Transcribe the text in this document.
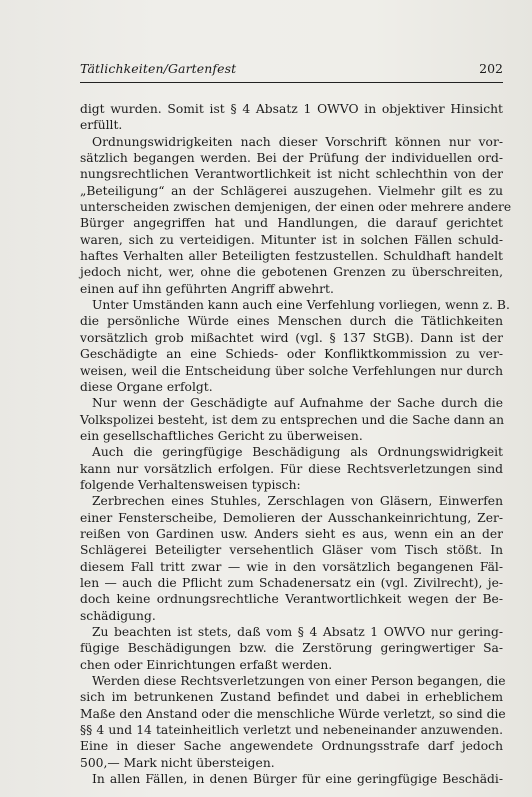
Tätlichkeiten/Gartenfest	202
digt wurden. Somit ist § 4 Absatz 1 OWVO in objektiver Hinsicht
erfüllt.
Ordnungswidrigkeiten nach dieser Vorschrift können nur vor-
sätzlich begangen werden. Bei der Prüfung der individuellen ord-
nungsrechtlichen Verantwortlichkeit ist nicht schlechthin von der
„Beteiligung“ an der Schlägerei auszugehen. Vielmehr gilt es zu
unterscheiden zwischen demjenigen, der einen oder mehrere andere
Bürger angegriffen hat und Handlungen, die darauf gerichtet
waren, sich zu verteidigen. Mitunter ist in solchen Fällen schuld-
haftes Verhalten aller Beteiligten festzustellen. Schuldhaft handelt
jedoch nicht, wer, ohne die gebotenen Grenzen zu überschreiten,
einen auf ihn geführten Angriff abwehrt.
Unter Umständen kann auch eine Verfehlung vorliegen, wenn z. B.
die persönliche Würde eines Menschen durch die Tätlichkeiten
vorsätzlich grob mißachtet wird (vgl. § 137 StGB). Dann ist der
Geschädigte an eine Schieds- oder Konfliktkommission zu ver-
weisen, weil die Entscheidung über solche Verfehlungen nur durch
diese Organe erfolgt.
Nur wenn der Geschädigte auf Aufnahme der Sache durch die
Volkspolizei besteht, ist dem zu entsprechen und die Sache dann an
ein gesellschaftliches Gericht zu überweisen.
Auch die geringfügige Beschädigung als Ordnungswidrigkeit
kann nur vorsätzlich erfolgen. Für diese Rechtsverletzungen sind
folgende Verhaltensweisen typisch:
Zerbrechen eines Stuhles, Zerschlagen von Gläsern, Einwerfen
einer Fensterscheibe, Demolieren der Ausschankeinrichtung, Zer-
reißen von Gardinen usw. Anders sieht es aus, wenn ein an der
Schlägerei Beteiligter versehentlich Gläser vom Tisch stößt. In
diesem Fall tritt zwar — wie in den vorsätzlich begangenen Fäl-
len — auch die Pflicht zum Schadenersatz ein (vgl. Zivilrecht), je-
doch keine ordnungsrechtliche Verantwortlichkeit wegen der Be-
schädigung.
Zu beachten ist stets, daß vom § 4 Absatz 1 OWVO nur gering-
fügige Beschädigungen bzw. die Zerstörung geringwertiger Sa-
chen oder Einrichtungen erfaßt werden.
Werden diese Rechtsverletzungen von einer Person begangen, die
sich im betrunkenen Zustand befindet und dabei in erheblichem
Maße den Anstand oder die menschliche Würde verletzt, so sind die
§§ 4 und 14 tateinheitlich verletzt und nebeneinander anzuwenden.
Eine in dieser Sache angewendete Ordnungsstrafe darf jedoch
500,— Mark nicht übersteigen.
In allen Fällen, in denen Bürger für eine geringfügige Beschädi-
